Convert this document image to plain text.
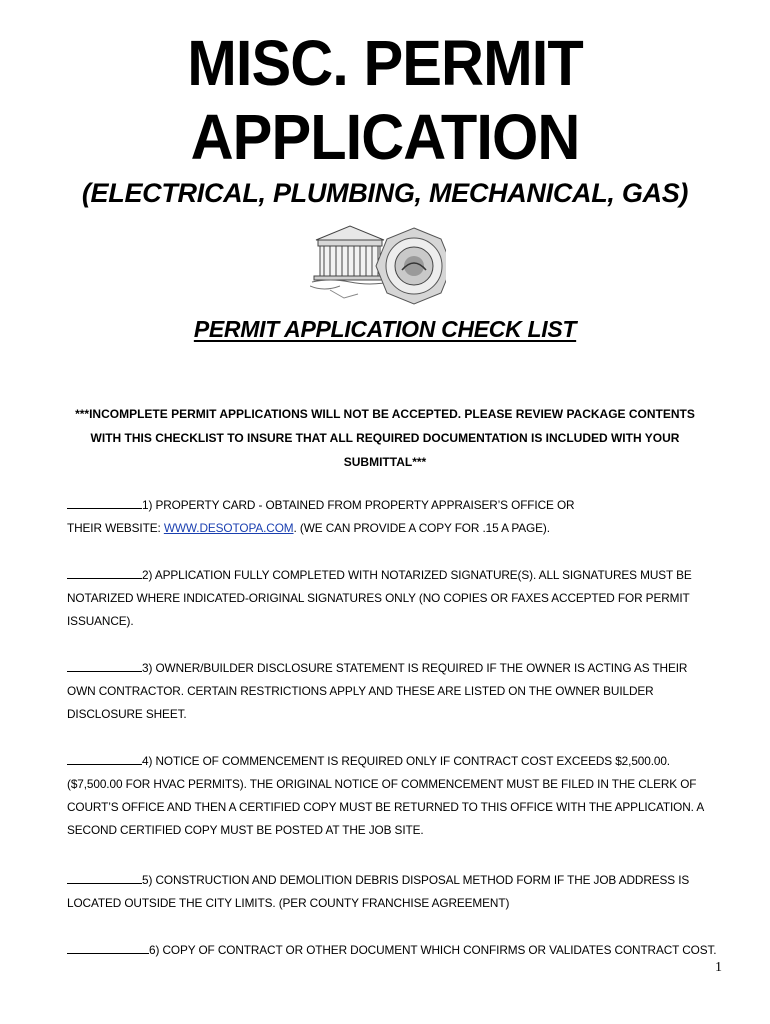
MISC. PERMIT
APPLICATION
(ELECTRICAL, PLUMBING, MECHANICAL, GAS)
PERMIT APPLICATION CHECK LIST
***INCOMPLETE PERMIT APPLICATIONS WILL NOT BE ACCEPTED. PLEASE REVIEW PACKAGE CONTENTS
WITH THIS CHECKLIST TO INSURE THAT ALL REQUIRED DOCUMENTATION IS INCLUDED WITH YOUR
SUBMITTAL***
1) PROPERTY CARD - OBTAINED FROM PROPERTY APPRAISER’S OFFICE OR
THEIR WEBSITE: WWW.DESOTOPA.COM. (WE CAN PROVIDE A COPY FOR .15 A PAGE).
2) APPLICATION FULLY COMPLETED WITH NOTARIZED SIGNATURE(S). ALL SIGNATURES MUST BE
NOTARIZED WHERE INDICATED-ORIGINAL SIGNATURES ONLY (NO COPIES OR FAXES ACCEPTED FOR PERMIT
ISSUANCE).
3) OWNER/BUILDER DISCLOSURE STATEMENT IS REQUIRED IF THE OWNER IS ACTING AS THEIR
OWN CONTRACTOR. CERTAIN RESTRICTIONS APPLY AND THESE ARE LISTED ON THE OWNER BUILDER
DISCLOSURE SHEET.
4) NOTICE OF COMMENCEMENT IS REQUIRED ONLY IF CONTRACT COST EXCEEDS $2,500.00.
($7,500.00 FOR HVAC PERMITS). THE ORIGINAL NOTICE OF COMMENCEMENT MUST BE FILED IN THE CLERK OF
COURT’S OFFICE AND THEN A CERTIFIED COPY MUST BE RETURNED TO THIS OFFICE WITH THE APPLICATION. A
SECOND CERTIFIED COPY MUST BE POSTED AT THE JOB SITE.
5) CONSTRUCTION AND DEMOLITION DEBRIS DISPOSAL METHOD FORM IF THE JOB ADDRESS IS
LOCATED OUTSIDE THE CITY LIMITS. (PER COUNTY FRANCHISE AGREEMENT)
6) COPY OF CONTRACT OR OTHER DOCUMENT WHICH CONFIRMS OR VALIDATES CONTRACT COST.
1
